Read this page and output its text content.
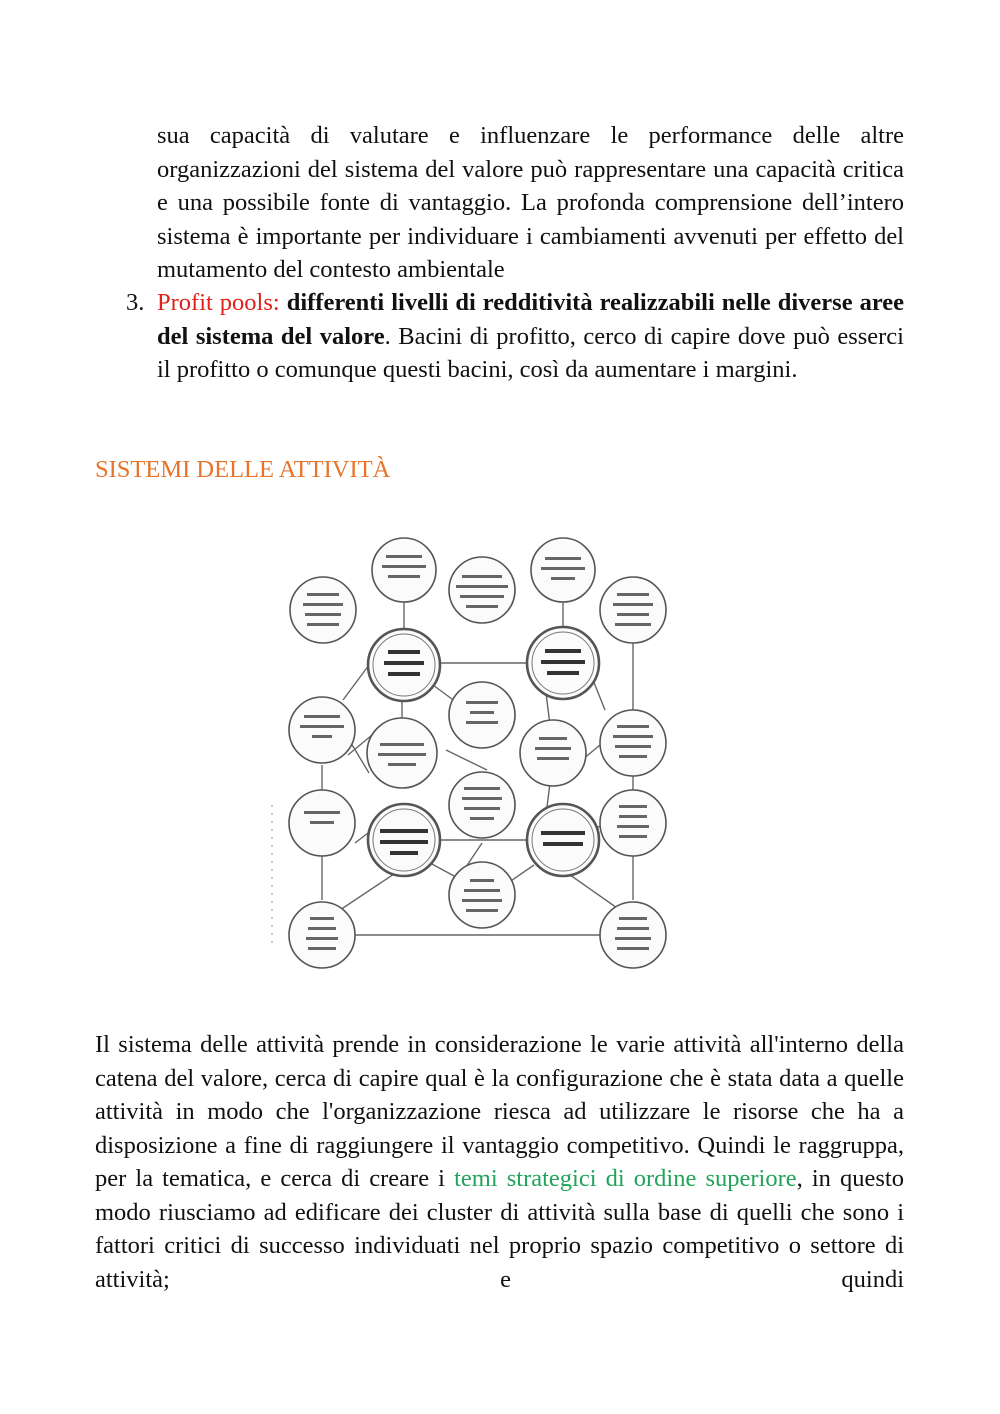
sua capacità di valutare e influenzare le performance delle altre organizzazioni del sistema del valore può rappresentare una capacità critica e una possibile fonte di vantaggio. La profonda comprensione dell’intero sistema è importante per individuare i cambiamenti avvenuti per effetto del mutamento del contesto ambientale

3. Profit pools: differenti livelli di redditività realizzabili nelle diverse aree del sistema del valore. Bacini di profitto, cerco di capire dove può esserci il profitto o comunque questi bacini, così da aumentare i margini.

SISTEMI DELLE ATTIVITÀ

Il sistema delle attività prende in considerazione le varie attività all'interno della catena del valore, cerca di capire qual è la configurazione che è stata data a quelle attività in modo che l'organizzazione riesca ad utilizzare le risorse che ha a disposizione a fine di raggiungere il vantaggio competitivo. Quindi le raggruppa, per la tematica, e cerca di creare i temi strategici di ordine superiore, in questo modo riusciamo ad edificare dei cluster di attività sulla base di quelli che sono i fattori critici di successo individuati nel proprio spazio competitivo o settore di attività; e quindi
